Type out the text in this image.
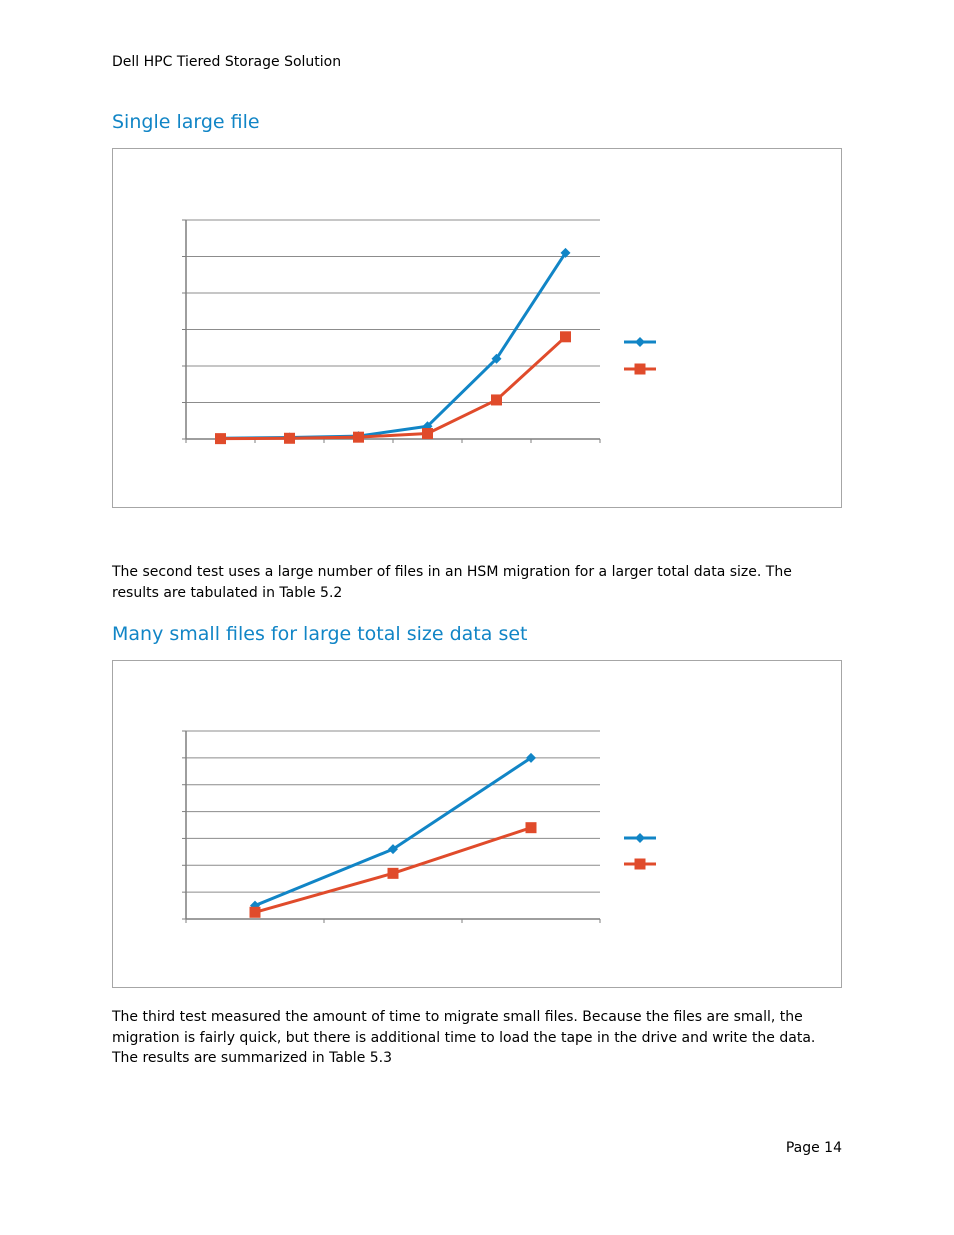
Dell HPC Tiered Storage Solution
Single large file

The second test uses a large number of files in an HSM migration for a larger total data size. The results are tabulated in Table 5.2

Many small files for large total size data set

The third test measured the amount of time to migrate small files. Because the files are small, the migration is fairly quick, but there is additional time to load the tape in the drive and write the data. The results are summarized in Table 5.3

Page 14
